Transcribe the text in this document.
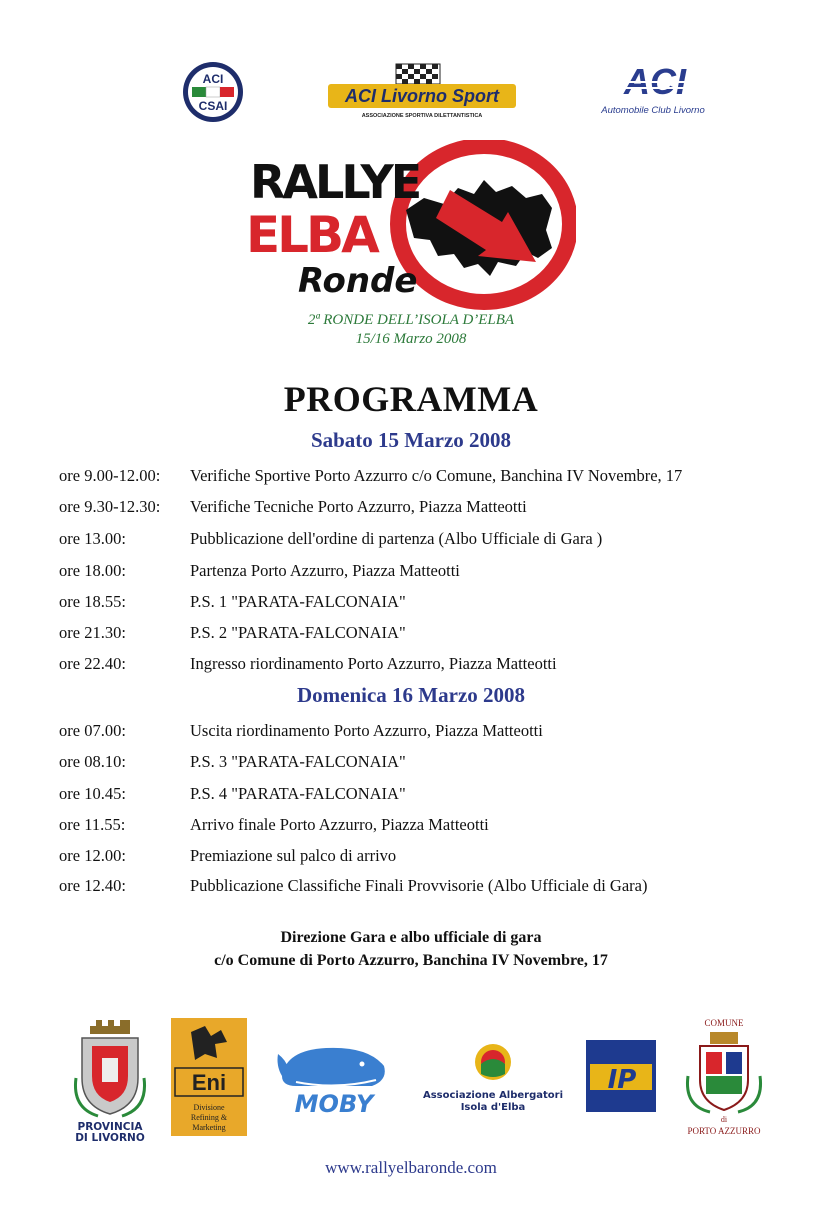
ACI
CSAI	ACI Livorno Sport
ASSOCIAZIONE SPORTIVA DILETTANTISTICA
ACI
Automobile Club Livorno
RALLYE
ELBA
Ronde
2ª RONDE DELL’ISOLA D’ELBA
15/16 Marzo 2008
PROGRAMMA
Sabato 15 Marzo 2008
ore 9.00-12.00: Verifiche Sportive Porto Azzurro c/o Comune, Banchina IV Novembre, 17
ore 9.30-12.30: Verifiche Tecniche Porto Azzurro, Piazza Matteotti
ore 13.00:	Pubblicazione dell'ordine di partenza (Albo Ufficiale di Gara )
ore 18.00:	Partenza Porto Azzurro, Piazza Matteotti
ore 18.55:	P.S. 1 "PARATA-FALCONAIA"
ore 21.30:	P.S. 2 "PARATA-FALCONAIA"
ore 22.40:	Ingresso riordinamento Porto Azzurro, Piazza Matteotti
Domenica 16 Marzo 2008
ore 07.00:	Uscita riordinamento Porto Azzurro, Piazza Matteotti
ore 08.10:	P.S. 3 "PARATA-FALCONAIA"
ore 10.45:	P.S. 4 "PARATA-FALCONAIA"
ore 11.55:	Arrivo finale Porto Azzurro, Piazza Matteotti
ore 12.00:	Premiazione sul palco di arrivo
ore 12.40:	Pubblicazione Classifiche Finali Provvisorie (Albo Ufficiale di Gara)
Direzione Gara e albo ufficiale di gara
c/o Comune di Porto Azzurro, Banchina IV Novembre, 17
PROVINCIA
DI LIVORNO
Eni
Divisione
Refining &
Marketing
MOBY	Associazione Albergatori
Isola d'Elba
IP
COMUNE
di
PORTO AZZURRO
www.rallyelbaronde.com
